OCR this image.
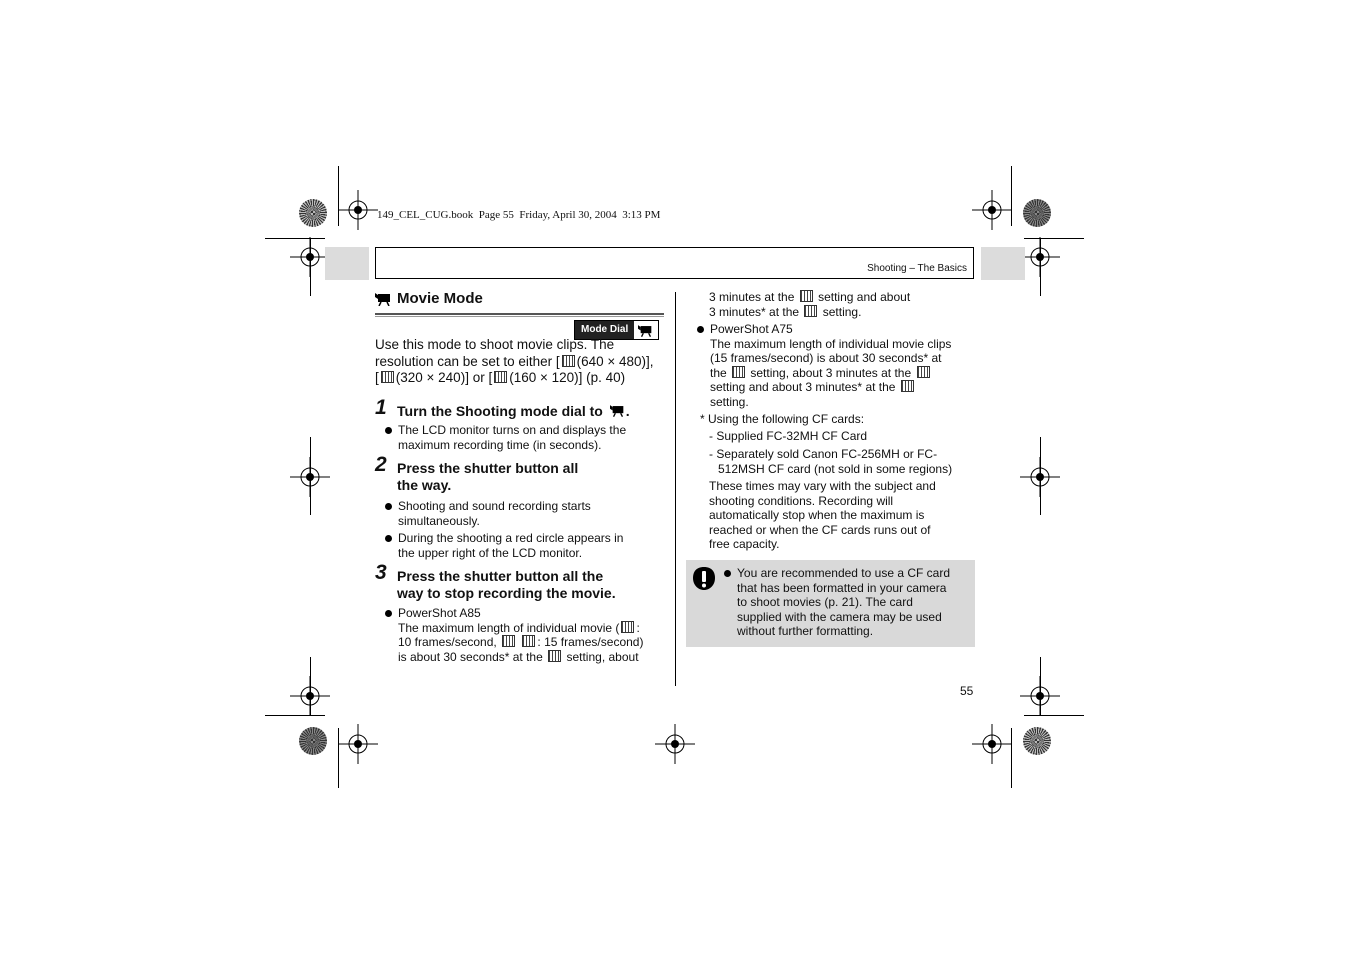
149_CEL_CUG.book  Page 55  Friday, April 30, 2004  3:13 PM
Shooting – The Basics
Movie Mode
Mode Dial
Use this mode to shoot movie clips. The
resolution can be set to either [ (640 × 480)],
[ (320 × 240)] or [ (160 × 120)] (p. 40)
1 Turn the Shooting mode dial to .
The LCD monitor turns on and displays the
maximum recording time (in seconds).
2 Press the shutter button all
the way.
Shooting and sound recording starts
simultaneously.
During the shooting a red circle appears in
the upper right of the LCD monitor.
3 Press the shutter button all the
way to stop recording the movie.
PowerShot A85
The maximum length of individual movie ( :
10 frames/second,	: 15 frames/second)
is about 30 seconds* at the setting, about
3 minutes at the setting and about
3 minutes* at the setting.
PowerShot A75
The maximum length of individual movie clips
(15 frames/second) is about 30 seconds* at
the setting, about 3 minutes at the
setting and about 3 minutes* at the
setting.
* Using the following CF cards:
- Supplied FC-32MH CF Card
- Separately sold Canon FC-256MH or FC-
512MSH CF card (not sold in some regions)
These times may vary with the subject and
shooting conditions. Recording will
automatically stop when the maximum is
reached or when the CF cards runs out of
free capacity.
You are recommended to use a CF card
that has been formatted in your camera
to shoot movies (p. 21). The card
supplied with the camera may be used
without further formatting.
55
